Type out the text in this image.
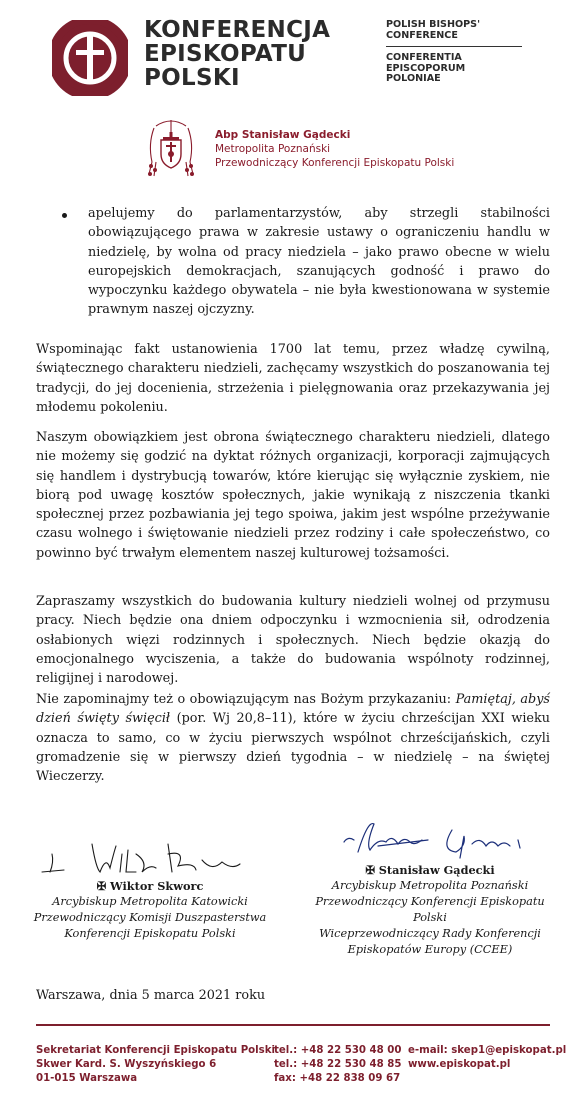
KONFERENCJA
EPISKOPATU
POLSKI
POLISH BISHOPS'
CONFERENCE
CONFERENTIA
EPISCOPORUM
POLONIAE
Abp Stanisław Gądecki
Metropolita Poznański
Przewodniczący Konferencji Episkopatu Polski
apelujemy do parlamentarzystów, aby strzegli stabilności obowiązującego prawa w zakresie ustawy o ograniczeniu handlu w niedzielę, by wolna od pracy niedziela – jako prawo obecne w wielu europejskich demokracjach, szanujących godność i prawo do wypoczynku każdego obywatela – nie była kwestionowana w systemie prawnym naszej ojczyzny.

Wspominając fakt ustanowienia 1700 lat temu, przez władzę cywilną, świątecznego charakteru niedzieli, zachęcamy wszystkich do poszanowania tej tradycji, do jej docenienia, strzeżenia i pielęgnowania oraz przekazywania jej młodemu pokoleniu.

Naszym obowiązkiem jest obrona świątecznego charakteru niedzieli, dlatego nie możemy się godzić na dyktat różnych organizacji, korporacji zajmujących się handlem i dystrybucją towarów, które kierując się wyłącznie zyskiem, nie biorą pod uwagę kosztów społecznych, jakie wynikają z niszczenia tkanki społecznej przez pozbawiania jej tego spoiwa, jakim jest wspólne przeżywanie czasu wolnego i świętowanie niedzieli przez rodziny i całe społeczeństwo, co powinno być trwałym elementem naszej kulturowej tożsamości.

Zapraszamy wszystkich do budowania kultury niedzieli wolnej od przymusu pracy. Niech będzie ona dniem odpoczynku i wzmocnienia sił, odrodzenia osłabionych więzi rodzinnych i społecznych. Niech będzie okazją do emocjonalnego wyciszenia, a także do budowania wspólnoty rodzinnej, religijnej i narodowej.

Nie zapominajmy też o obowiązującym nas Bożym przykazaniu: Pamiętaj, abyś dzień święty święcił (por. Wj 20,8–11), które w życiu chrześcijan XXI wieku oznacza to samo, co w życiu pierwszych wspólnot chrześcijańskich, czyli gromadzenie się w pierwszy dzień tygodnia – w niedzielę – na świętej Wieczerzy.

✠ Wiktor Skworc
Arcybiskup Metropolita Katowicki
Przewodniczący Komisji Duszpasterstwa
Konferencji Episkopatu Polski
✠ Stanisław Gądecki
Arcybiskup Metropolita Poznański
Przewodniczący Konferencji Episkopatu Polski
Wiceprzewodniczący Rady Konferencji
Episkopatów Europy (CCEE)
Warszawa, dnia 5 marca 2021 roku
Sekretariat Konferencji Episkopatu Polski
Skwer Kard. S. Wyszyńskiego 6
01-015 Warszawa
tel.: +48 22 530 48 00
tel.: +48 22 530 48 85
fax: +48 22 838 09 67
e-mail: skep1@episkopat.pl
www.episkopat.pl
